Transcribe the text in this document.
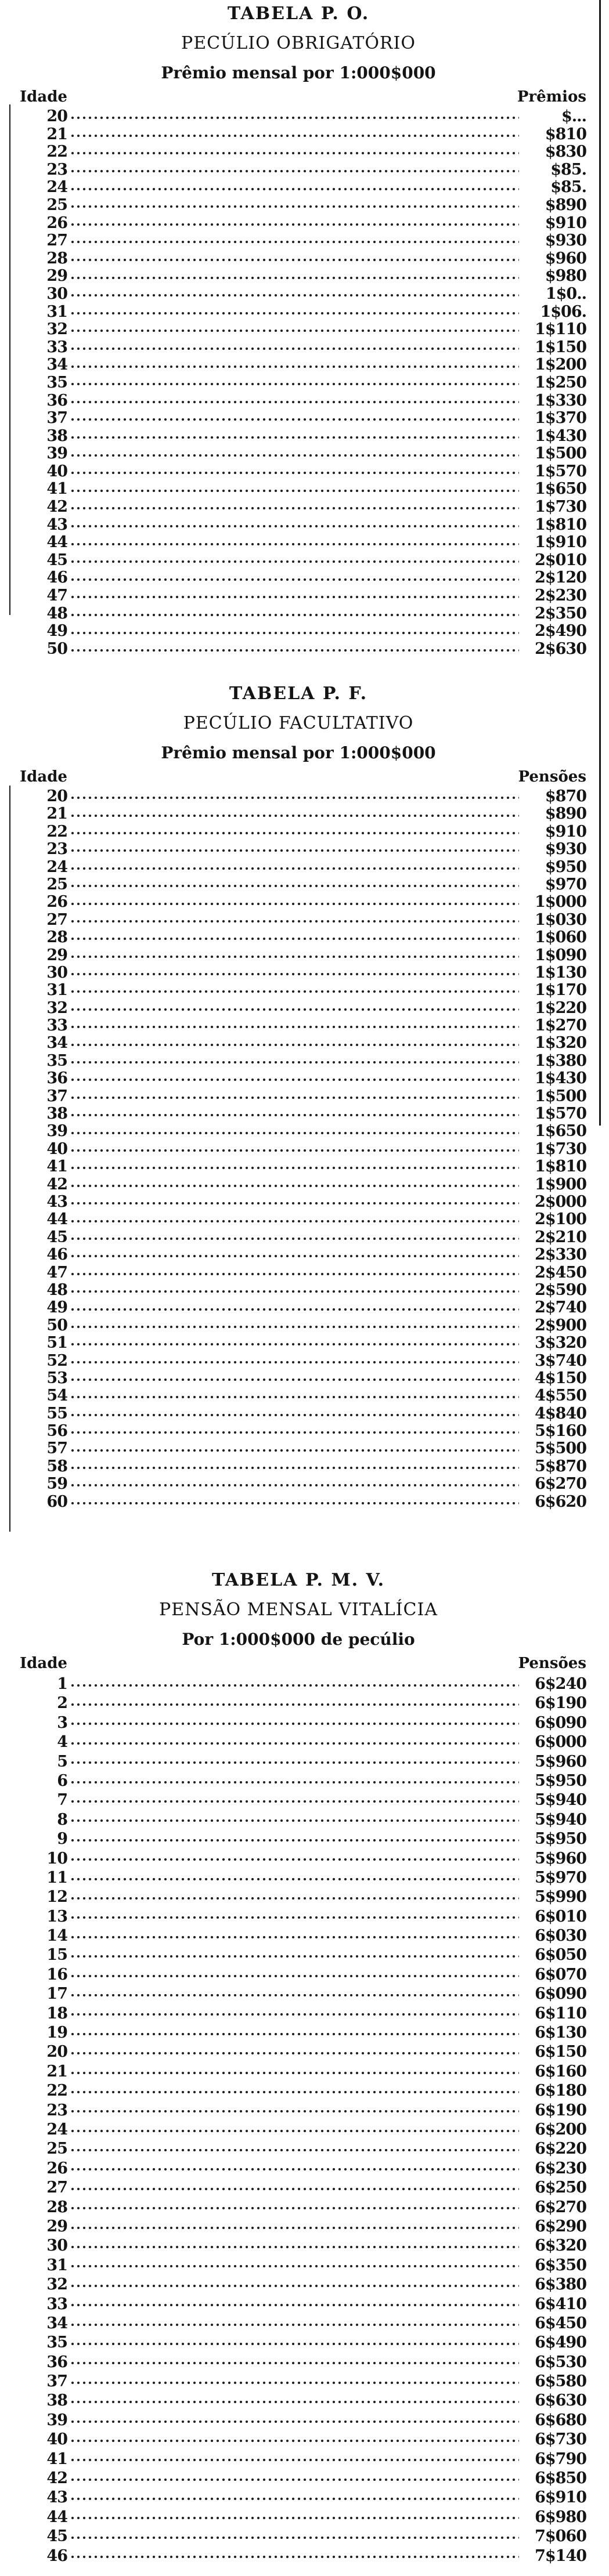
TABELA P. O.
PECÚLIO OBRIGATÓRIO
Prêmio mensal por 1:000$000
Idade	Prêmios
20	$...
21	$810
22	$830
23	$85.
24	$85.
25	$890
26	$910
27	$930
28	$960
29	$980
30	1$0..
31	1$06.
32	1$110
33	1$150
34	1$200
35	1$250
36	1$330
37	1$370
38	1$430
39	1$500
40	1$570
41	1$650
42	1$730
43	1$810
44	1$910
45	2$010
46	2$120
47	2$230
48	2$350
49	2$490
50	2$630
TABELA P. F.
PECÚLIO FACULTATIVO
Prêmio mensal por 1:000$000
Idade	Pensões
20	$870
21	$890
22	$910
23	$930
24	$950
25	$970
26	1$000
27	1$030
28	1$060
29	1$090
30	1$130
31	1$170
32	1$220
33	1$270
34	1$320
35	1$380
36	1$430
37	1$500
38	1$570
39	1$650
40	1$730
41	1$810
42	1$900
43	2$000
44	2$100
45	2$210
46	2$330
47	2$450
48	2$590
49	2$740
50	2$900
51	3$320
52	3$740
53	4$150
54	4$550
55	4$840
56	5$160
57	5$500
58	5$870
59	6$270
60	6$620
TABELA P. M. V.
PENSÃO MENSAL VITALÍCIA
Por 1:000$000 de pecúlio
Idade	Pensões
1	6$240
2	6$190
3	6$090
4	6$000
5	5$960
6	5$950
7	5$940
8	5$940
9	5$950
10	5$960
11	5$970
12	5$990
13	6$010
14	6$030
15	6$050
16	6$070
17	6$090
18	6$110
19	6$130
20	6$150
21	6$160
22	6$180
23	6$190
24	6$200
25	6$220
26	6$230
27	6$250
28	6$270
29	6$290
30	6$320
31	6$350
32	6$380
33	6$410
34	6$450
35	6$490
36	6$530
37	6$580
38	6$630
39	6$680
40	6$730
41	6$790
42	6$850
43	6$910
44	6$980
45	7$060
46	7$140
